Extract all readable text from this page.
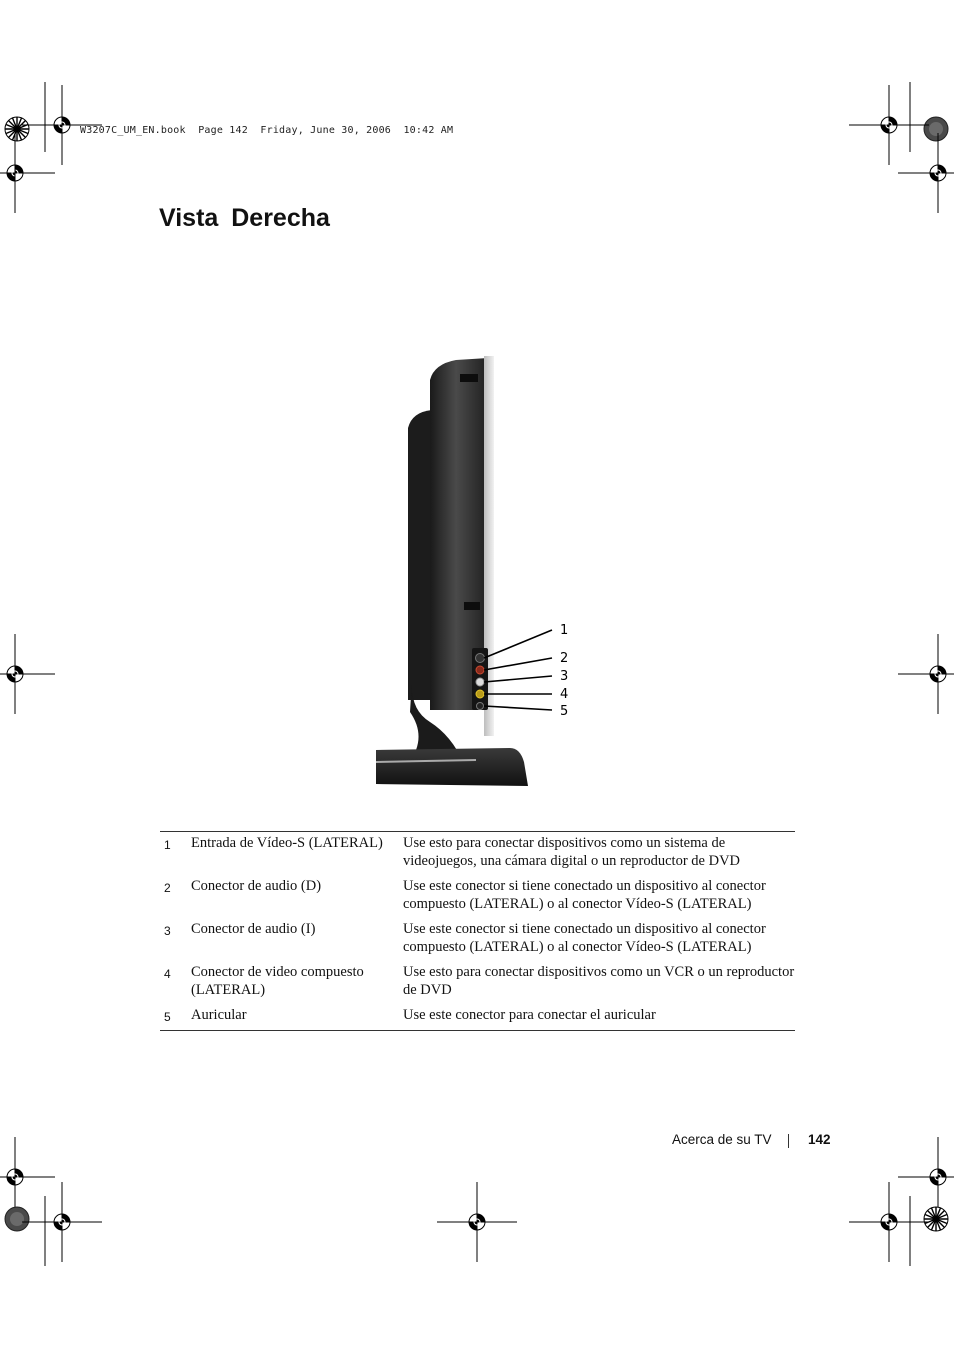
W3207C_UM_EN.book  Page 142  Friday, June 30, 2006  10:42 AM
Vista Derecha
1
2
3
4
5
1	Entrada de Vídeo-S (LATERAL)	Use esto para conectar dispositivos como un sistema de videojuegos, una cámara digital o un reproductor de DVD
2	Conector de audio (D)	Use este conector si tiene conectado un dispositivo al conector compuesto (LATERAL) o al conector Vídeo-S (LATERAL)
3	Conector de audio (I)	Use este conector si tiene conectado un dispositivo al conector compuesto (LATERAL) o al conector Vídeo-S (LATERAL)
4	Conector de video compuesto (LATERAL)	Use esto para conectar dispositivos como un VCR o un reproductor de DVD
5	Auricular	Use este conector para conectar el auricular
Acerca de su TV	142
